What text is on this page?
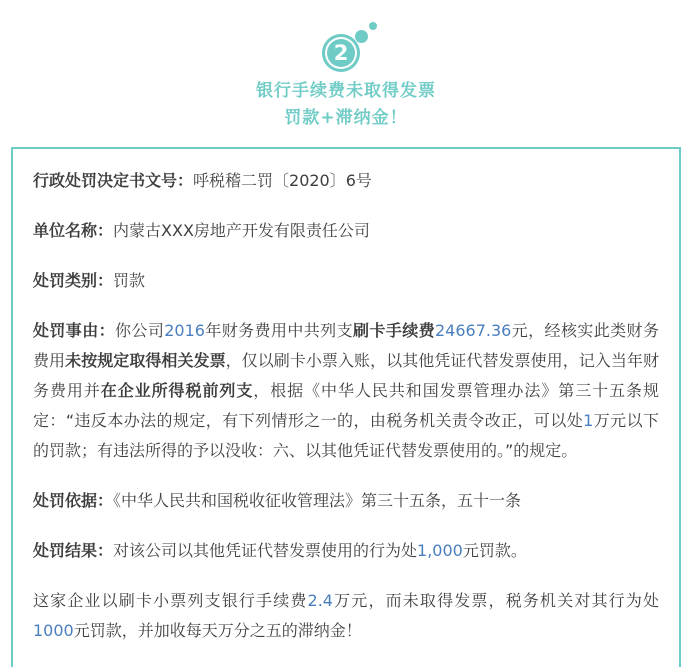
2
银行手续费未取得发票
罚款+滞纳金！

行政处罚决定书文号：呼税稽二罚〔2020〕6号

单位名称：内蒙古XXX房地产开发有限责任公司

处罚类别：罚款

处罚事由：你公司2016年财务费用中共列支刷卡手续费24667.36元，经核实此类财务费用未按规定取得相关发票，仅以刷卡小票入账，以其他凭证代替发票使用，记入当年财务费用并在企业所得税前列支，根据《中华人民共和国发票管理办法》第三十五条规定：“违反本办法的规定，有下列情形之一的，由税务机关责令改正，可以处1万元以下的罚款；有违法所得的予以没收：六、以其他凭证代替发票使用的。”的规定。

处罚依据：《中华人民共和国税收征收管理法》第三十五条，五十一条

处罚结果：对该公司以其他凭证代替发票使用的行为处1,000元罚款。

这家企业以刷卡小票列支银行手续费2.4万元，而未取得发票，税务机关对其行为处1000元罚款，并加收每天万分之五的滞纳金！
